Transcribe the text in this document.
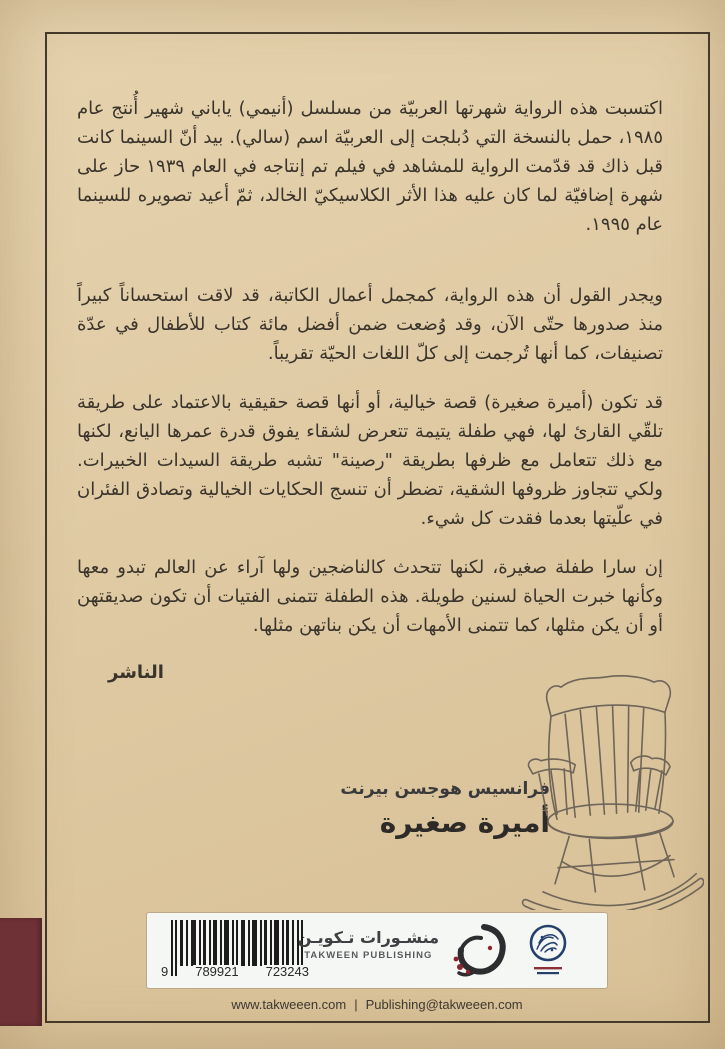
اكتسبت هذه الرواية شهرتها العربيّة من مسلسل (أنيمي) ياباني شهير أُنتج عام ١٩٨٥، حمل بالنسخة التي دُبلجت إلى العربيّة اسم (سالي). بيد أنّ السينما كانت قبل ذاك قد قدّمت الرواية للمشاهد في فيلم تم إنتاجه في العام ١٩٣٩ حاز على شهرة إضافيّة لما كان عليه هذا الأثر الكلاسيكيّ الخالد، ثمّ أعيد تصويره للسينما عام ١٩٩٥.

ويجدر القول أن هذه الرواية، كمجمل أعمال الكاتبة، قد لاقت استحساناً كبيراً منذ صدورها حتّى الآن، وقد وُضعت ضمن أفضل مائة كتاب للأطفال في عدّة تصنيفات، كما أنها تُرجمت إلى كلّ اللغات الحيّة تقريباً.

قد تكون (أميرة صغيرة) قصة خيالية، أو أنها قصة حقيقية بالاعتماد على طريقة تلقّي القارئ لها، فهي طفلة يتيمة تتعرض لشقاء يفوق قدرة عمرها اليانع، لكنها مع ذلك تتعامل مع ظرفها بطريقة "رصينة" تشبه طريقة السيدات الخبيرات. ولكي تتجاوز ظروفها الشقية، تضطر أن تنسج الحكايات الخيالية وتصادق الفئران في علّيتها بعدما فقدت كل شيء.

إن سارا طفلة صغيرة، لكنها تتحدث كالناضجين ولها آراء عن العالم تبدو معها وكأنها خبرت الحياة لسنين طويلة. هذه الطفلة تتمنى الفتيات أن تكون صديقتهن أو أن يكن مثلها، كما تتمنى الأمهات أن يكن بناتهن مثلها.

الناشر
فرانسيس هوجسن بيرنت
أميرة صغيرة
9 789921 723243
منشـورات تـكويـن
TAKWEEN PUBLISHING
www.takweeen.com | Publishing@takweeen.com
